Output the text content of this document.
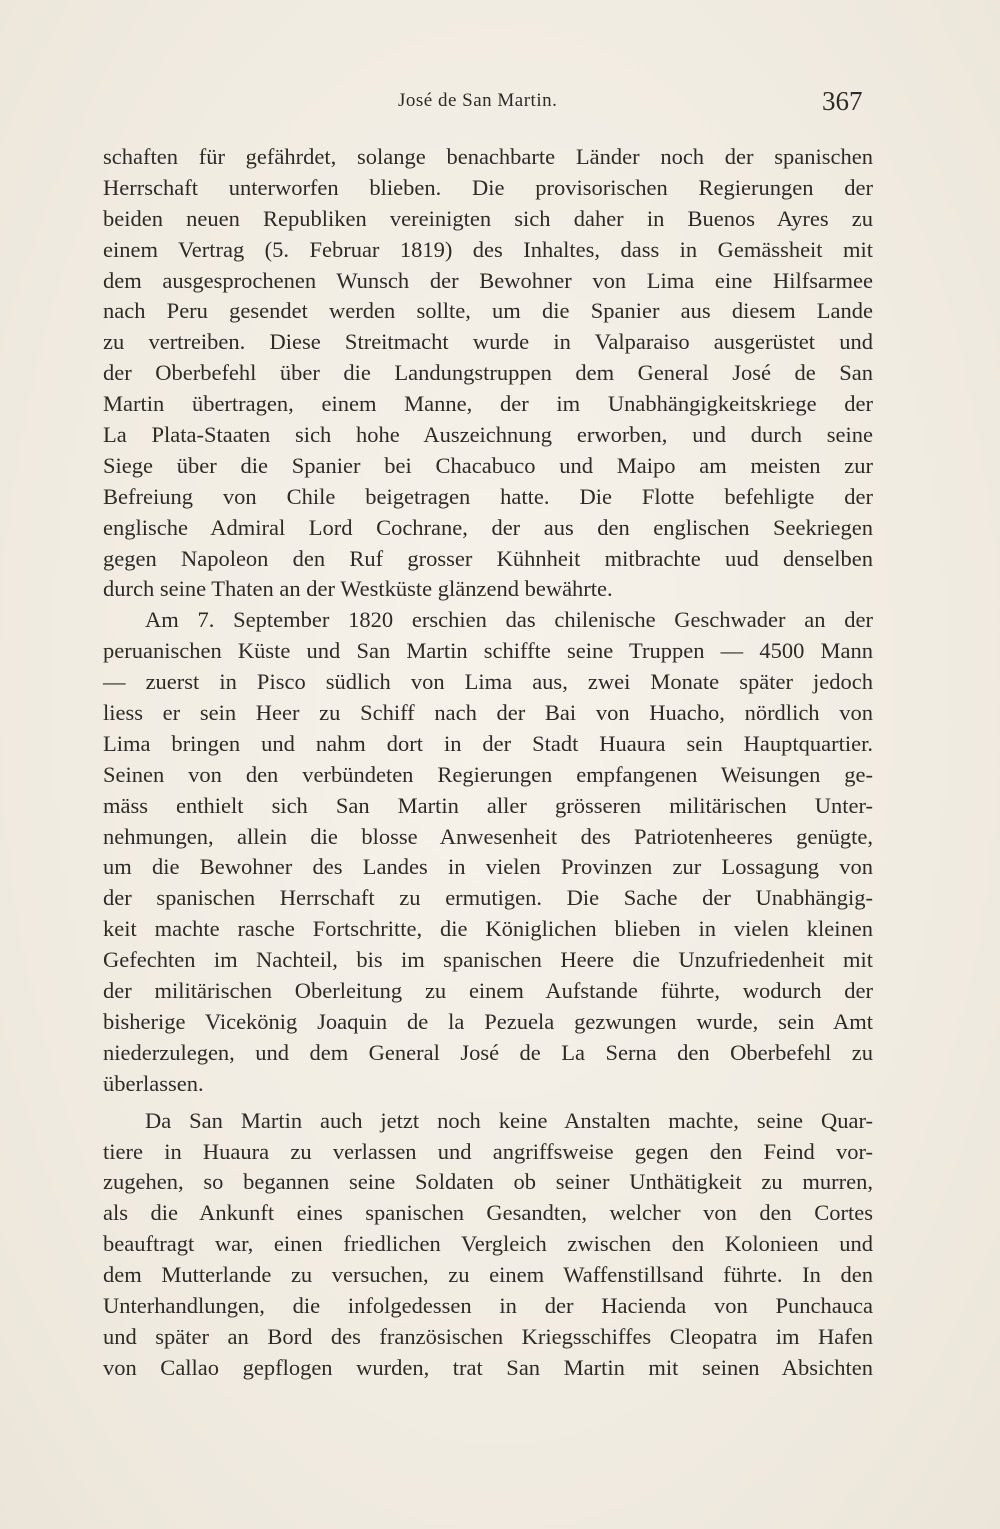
José de San Martin.	367
schaften für gefährdet, solange benachbarte Länder noch der spanischen
Herrschaft unterworfen blieben. Die provisorischen Regierungen der
beiden neuen Republiken vereinigten sich daher in Buenos Ayres zu
einem Vertrag (5. Februar 1819) des Inhaltes, dass in Gemässheit mit
dem ausgesprochenen Wunsch der Bewohner von Lima eine Hilfsarmee
nach Peru gesendet werden sollte, um die Spanier aus diesem Lande
zu vertreiben. Diese Streitmacht wurde in Valparaiso ausgerüstet und
der Oberbefehl über die Landungstruppen dem General José de San
Martin übertragen, einem Manne, der im Unabhängigkeitskriege der
La Plata-Staaten sich hohe Auszeichnung erworben, und durch seine
Siege über die Spanier bei Chacabuco und Maipo am meisten zur
Befreiung von Chile beigetragen hatte. Die Flotte befehligte der
englische Admiral Lord Cochrane, der aus den englischen Seekriegen
gegen Napoleon den Ruf grosser Kühnheit mitbrachte uud denselben
durch seine Thaten an der Westküste glänzend bewährte.
Am 7. September 1820 erschien das chilenische Geschwader an der
peruanischen Küste und San Martin schiffte seine Truppen — 4500 Mann
— zuerst in Pisco südlich von Lima aus, zwei Monate später jedoch
liess er sein Heer zu Schiff nach der Bai von Huacho, nördlich von
Lima bringen und nahm dort in der Stadt Huaura sein Hauptquartier.
Seinen von den verbündeten Regierungen empfangenen Weisungen ge-
mäss enthielt sich San Martin aller grösseren militärischen Unter-
nehmungen, allein die blosse Anwesenheit des Patriotenheeres genügte,
um die Bewohner des Landes in vielen Provinzen zur Lossagung von
der spanischen Herrschaft zu ermutigen. Die Sache der Unabhängig-
keit machte rasche Fortschritte, die Königlichen blieben in vielen kleinen
Gefechten im Nachteil, bis im spanischen Heere die Unzufriedenheit mit
der militärischen Oberleitung zu einem Aufstande führte, wodurch der
bisherige Vicekönig Joaquin de la Pezuela gezwungen wurde, sein Amt
niederzulegen, und dem General José de La Serna den Oberbefehl zu
überlassen.
Da San Martin auch jetzt noch keine Anstalten machte, seine Quar-
tiere in Huaura zu verlassen und angriffsweise gegen den Feind vor-
zugehen, so begannen seine Soldaten ob seiner Unthätigkeit zu murren,
als die Ankunft eines spanischen Gesandten, welcher von den Cortes
beauftragt war, einen friedlichen Vergleich zwischen den Kolonieen und
dem Mutterlande zu versuchen, zu einem Waffenstillsand führte. In den
Unterhandlungen, die infolgedessen in der Hacienda von Punchauca
und später an Bord des französischen Kriegsschiffes Cleopatra im Hafen
von Callao gepflogen wurden, trat San Martin mit seinen Absichten
